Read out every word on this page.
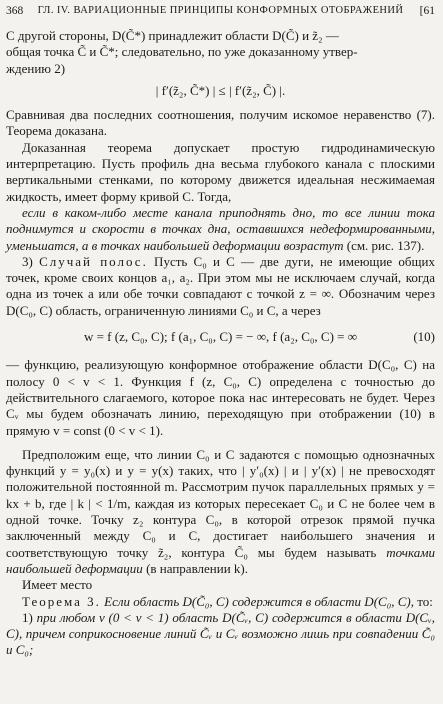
368	ГЛ. IV. ВАРИАЦИОННЫЕ ПРИНЦИПЫ КОНФОРМНЫХ ОТОБРАЖЕНИЙ	[61

С другой стороны, D(C̃*) принадлежит области D(C̃) и z̃₂ —
общая точка C̃ и C̃*; следовательно, по уже доказанному утвер-
ждению 2)

| f′(z̃₂, C̃*) | ≤ | f′(z̃₂, C̃) |.

Сравнивая два последних соотношения, получим искомое неравенство (7). Теорема доказана.

Доказанная теорема допускает простую гидродинамическую интерпретацию. Пусть профиль дна весьма глубокого канала с плоскими вертикальными стенками, по которому движется идеальная несжимаемая жидкость, имеет форму кривой C. Тогда,

если в каком-либо месте канала приподнять дно, то все линии тока поднимутся и скорости в точках дна, оставшихся недеформированными, уменьшатся, а в точках наибольшей деформации возрастут (см. рис. 137).

3) Случай полос. Пусть C₀ и C — две дуги, не имеющие общих точек, кроме своих концов a₁, a₂. При этом мы не исключаем случай, когда одна из точек a или обе точки совпадают с точкой z = ∞. Обозначим через D(C₀, C) область, ограниченную линиями C₀ и C, а через

w = f (z, C₀, C); f (a₁, C₀, C) = − ∞, f (a₂, C₀, C) = ∞	(10)

— функцию, реализующую конформное отображение области D(C₀, C) на полосу 0 < v < 1. Функция f (z, C₀, C) определена с точностью до действительного слагаемого, которое пока нас интересовать не будет. Через Cᵥ мы будем обозначать линию, переходящую при отображении (10) в прямую v = const (0 < v < 1).

Предположим еще, что линии C₀ и C задаются с помощью однозначных функций y = y₀(x) и y = y(x) таких, что | y′₀(x) | и | y′(x) | не превосходят положительной постоянной m. Рассмотрим пучок параллельных прямых y = kx + b, где | k | < 1/m, каждая из которых пересекает C₀ и C не более чем в одной точке. Точку z₂ контура C₀, в которой отрезок прямой пучка заключенный между C₀ и C, достигает наибольшего значения и соответствующую точку z̃₂, контура C̃₀ мы будем называть точками наибольшей деформации (в направлении k).

Имеет место

Теорема 3. Если область D(C̃₀, C) содержится в области D(C₀, C), то:

1) при любом v (0 < v < 1) область D(C̃ᵥ, C) содержится в области D(Cᵥ, C), причем соприкосновение линий C̃ᵥ и Cᵥ возможно лишь при совпадении C̃₀ и C₀;
